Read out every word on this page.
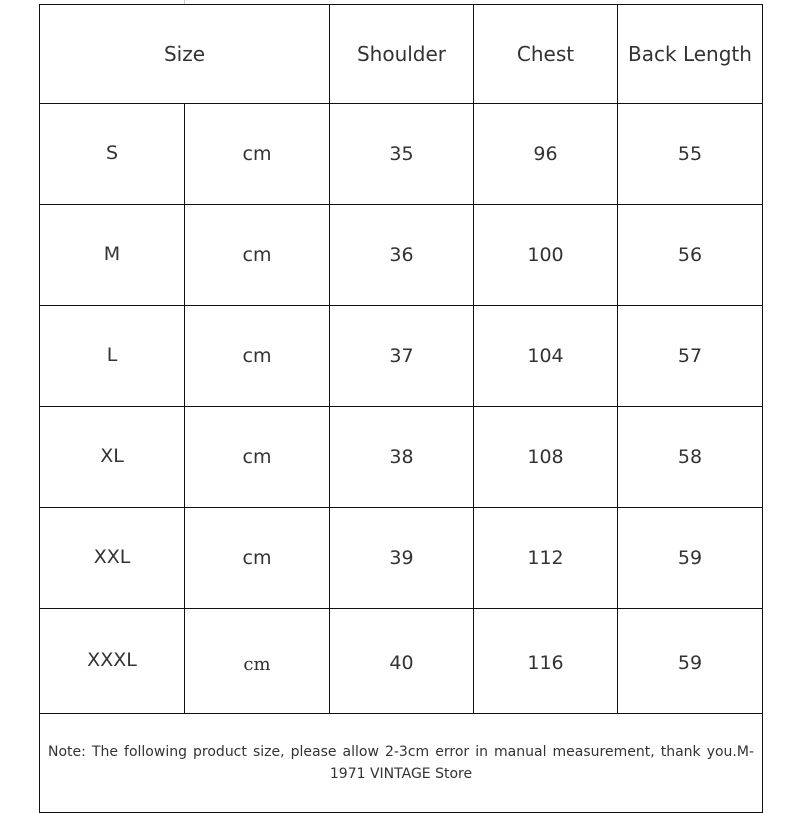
Size		Shoulder	Chest	Back Length
S	cm	35	96	55
M	cm	36	100	56
L	cm	37	104	57
XL	cm	38	108	58
XXL	cm	39	112	59
XXXL	cm	40	116	59
Note: The following product size, please allow 2-3cm error in manual measurement, thank you.M-1971 VINTAGE Store				
